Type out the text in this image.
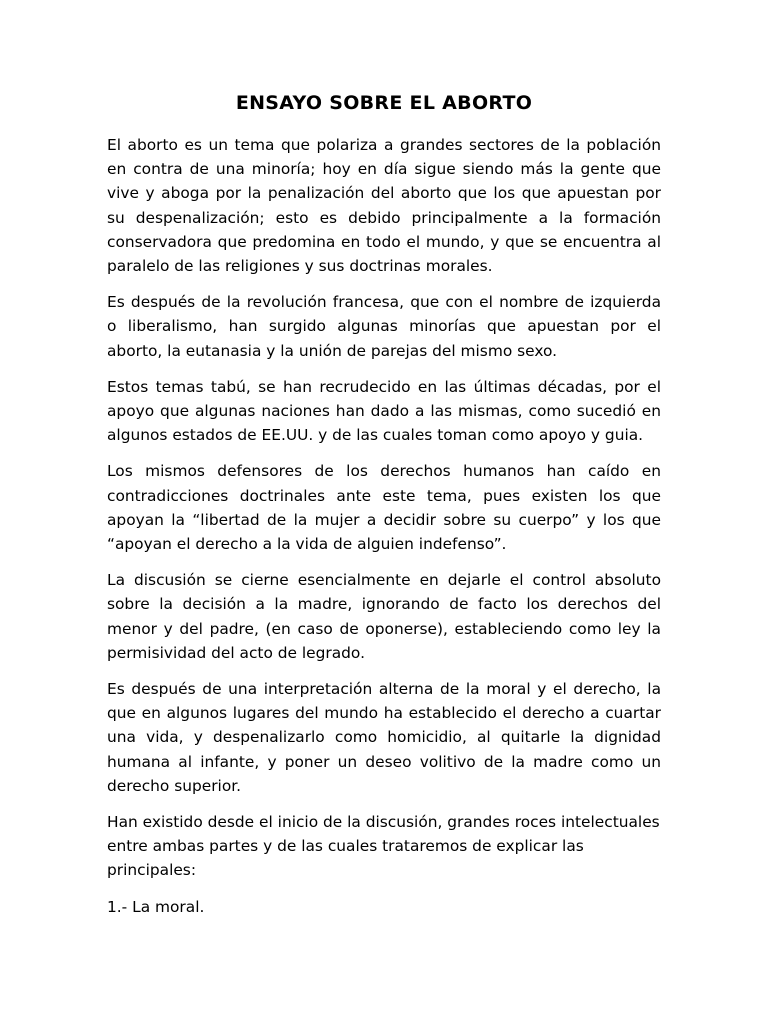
ENSAYO SOBRE EL ABORTO

El aborto es un tema que polariza a grandes sectores de la población en contra de una minoría; hoy en día sigue siendo más la gente que vive y aboga por la penalización del aborto que los que apuestan por su despenalización; esto es debido principalmente a la formación conservadora que predomina en todo el mundo, y que se encuentra al paralelo de las religiones y sus doctrinas morales.

Es después de la revolución francesa, que con el nombre de izquierda o liberalismo, han surgido algunas minorías que apuestan por el aborto, la eutanasia y la unión de parejas del mismo sexo.

Estos temas tabú, se han recrudecido en las últimas décadas, por el apoyo que algunas naciones han dado a las mismas, como sucedió en algunos estados de EE.UU. y de las cuales toman como apoyo y guia.

Los mismos defensores de los derechos humanos han caído en contradicciones doctrinales ante este tema, pues existen los que apoyan la “libertad de la mujer a decidir sobre su cuerpo” y los que “apoyan el derecho a la vida de alguien indefenso”.

La discusión se cierne esencialmente en dejarle el control absoluto sobre la decisión a la madre, ignorando de facto los derechos del menor y del padre, (en caso de oponerse), estableciendo como ley la permisividad del acto de legrado.

Es después de una interpretación alterna de la moral y el derecho, la que en algunos lugares del mundo ha establecido el derecho a cuartar una vida, y despenalizarlo como homicidio, al quitarle la dignidad humana al infante, y poner un deseo volitivo de la madre como un derecho superior.

Han existido desde el inicio de la discusión, grandes roces intelectuales entre ambas partes y de las cuales trataremos de explicar las principales:

1.- La moral.
